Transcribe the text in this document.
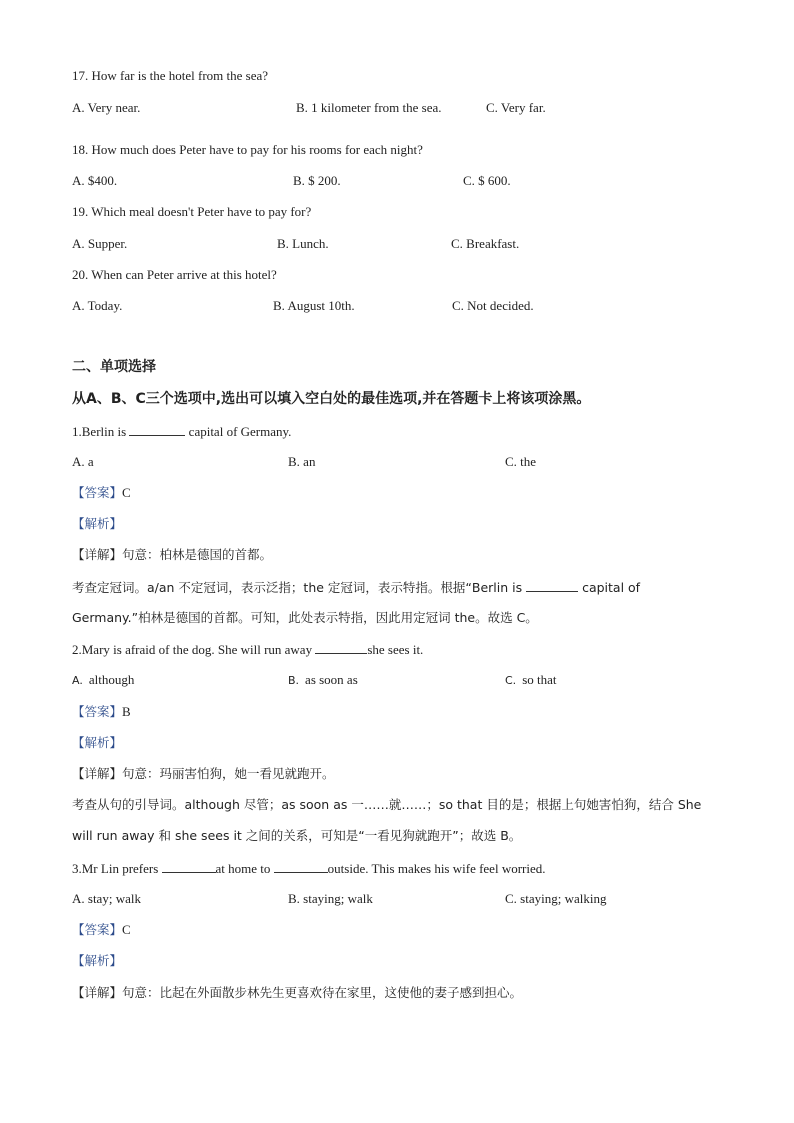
17. How far is the hotel from the sea?
A. Very near.	B. 1 kilometer from the sea.	C. Very far.
18. How much does Peter have to pay for his rooms for each night?
A. $400.	B. $ 200.	C. $ 600.
19. Which meal doesn't Peter have to pay for?
A. Supper.	B. Lunch.	C. Breakfast.
20. When can Peter arrive at this hotel?
A. Today.	B. August 10th.	C. Not decided.
二、单项选择
从A、B、C三个选项中,选出可以填入空白处的最佳选项,并在答题卡上将该项涂黑。
1.Berlin is	capital of Germany.
A. a	B. an	C. the
【答案】C
【解析】
【详解】句意：柏林是德国的首都。
考查定冠词。a/an 不定冠词，表示泛指；the 定冠词，表示特指。根据“Berlin is	capital of
Germany.”柏林是德国的首都。可知，此处表示特指，因此用定冠词 the。故选 C。
2.Mary is afraid of the dog. She will run away	she sees it.
A. although	B. as soon as	C. so that
【答案】B
【解析】
【详解】句意：玛丽害怕狗，她一看见就跑开。
考查从句的引导词。although 尽管；as soon as 一……就……；so that 目的是；根据上句她害怕狗，结合 She
will run away 和 she sees it 之间的关系，可知是“一看见狗就跑开”；故选 B。
3.Mr Lin prefers	at home to	outside. This makes his wife feel worried.
A. stay; walk	B. staying; walk	C. staying; walking
【答案】C
【解析】
【详解】句意：比起在外面散步林先生更喜欢待在家里，这使他的妻子感到担心。
